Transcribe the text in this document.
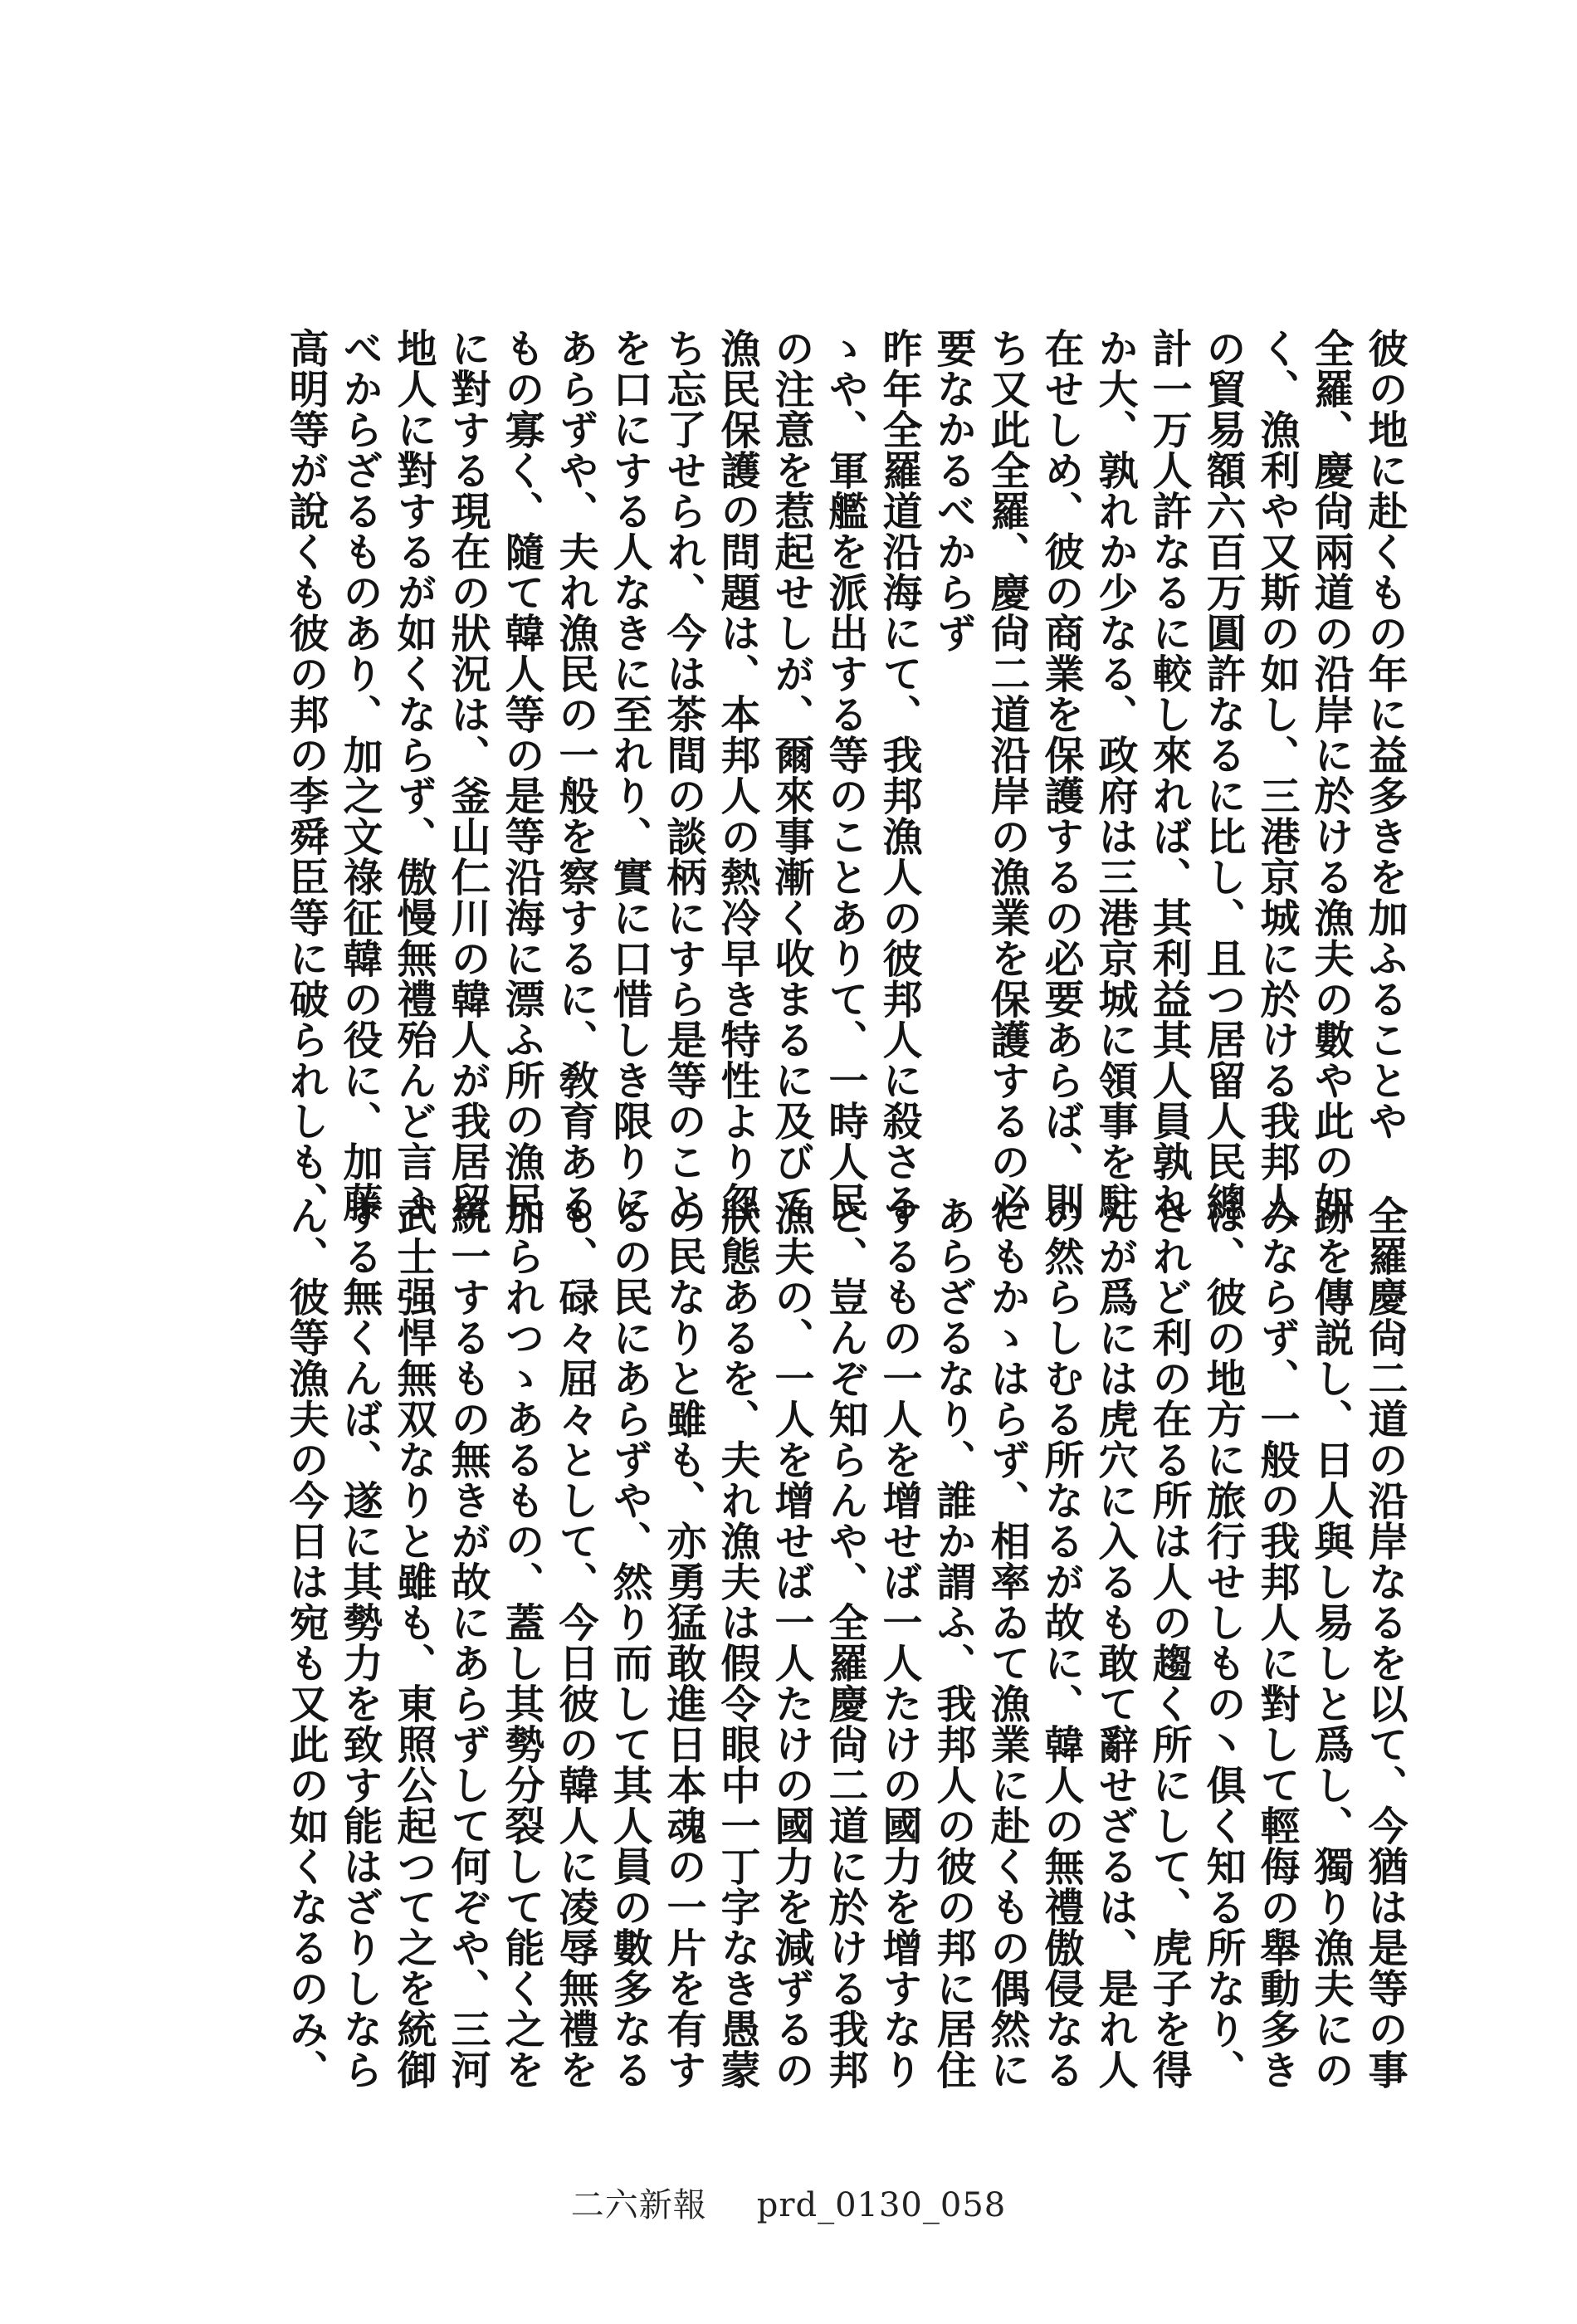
彼の地に赴くもの年に益多きを加ふることや
全羅、慶尙兩道の沿岸に於ける漁夫の數や此の如
く、漁利や又斯の如し、三港京城に於ける我邦人
の貿易額六百万圓許なるに比し、且つ居留人民總
計一万人許なるに較し來れば、其利益其人員孰れ
か大、孰れか少なる、政府は三港京城に領事を駐
在せしめ、彼の商業を保護するの必要あらば、則
ち又此全羅、慶尙二道沿岸の漁業を保護するの必
要なかるべからず
昨年全羅道沿海にて、我邦漁人の彼邦人に殺さる
ゝや、軍艦を派出する等のことありて、一時人民
の注意を惹起せしが、爾來事漸く收まるに及びて
漁民保護の問題は、本邦人の熱冷早き特性より忽
ち忘了せられ、今は茶間の談柄にすら是等のこと
を口にする人なきに至れり、實に口惜しき限りに
あらずや、夫れ漁民の一般を察するに、敎育ある
もの寡く、隨て韓人等の是等沿海に漂ふ所の漁民
に對する現在の狀況は、釜山仁川の韓人が我居留
地人に對するが如くならず、傲慢無禮殆んど言ふ
べからざるものあり、加之文祿征韓の役に、加藤
高明等が說くも彼の邦の李舜臣等に破られしも、
全羅慶尙二道の沿岸なるを以て、今猶は是等の事
跡を傳説し、日人與し易しと爲し、獨り漁夫にの
みならず、一般の我邦人に對して輕侮の舉動多き
は、彼の地方に旅行せしもの丶俱く知る所なり、
されど利の在る所は人の趨く所にして、虎子を得
んが爲には虎穴に入るも敢て辭せざるは、是れ人
の然らしむる所なるが故に、韓人の無禮傲侵なる
にもかゝはらず、相率ゐて漁業に赴くもの偶然に
あらざるなり、誰か謂ふ、我邦人の彼の邦に居住
するもの一人を增せば一人たけの國力を增すなり
と、豈んぞ知らんや、全羅慶尙二道に於ける我邦
漁夫の、一人を增せば一人たけの國力を減ずるの
狀態あるを、夫れ漁夫は假令眼中一丁字なき愚蒙
の民なりと雖も、亦勇猛敢進日本魂の一片を有す
るの民にあらずや、然り而して其人員の數多なる
も、碌々屈々として、今日彼の韓人に凌辱無禮を
加られつゝあるもの、蓋し其勢分裂して能く之を
統一するもの無きが故にあらずして何ぞや、三河
武士强悍無双なりと雖も、東照公起つて之を統御
する無くんば、遂に其勢力を致す能はざりしなら
ん、彼等漁夫の今日は宛も又此の如くなるのみ、
二六新報 prd_0130_058
